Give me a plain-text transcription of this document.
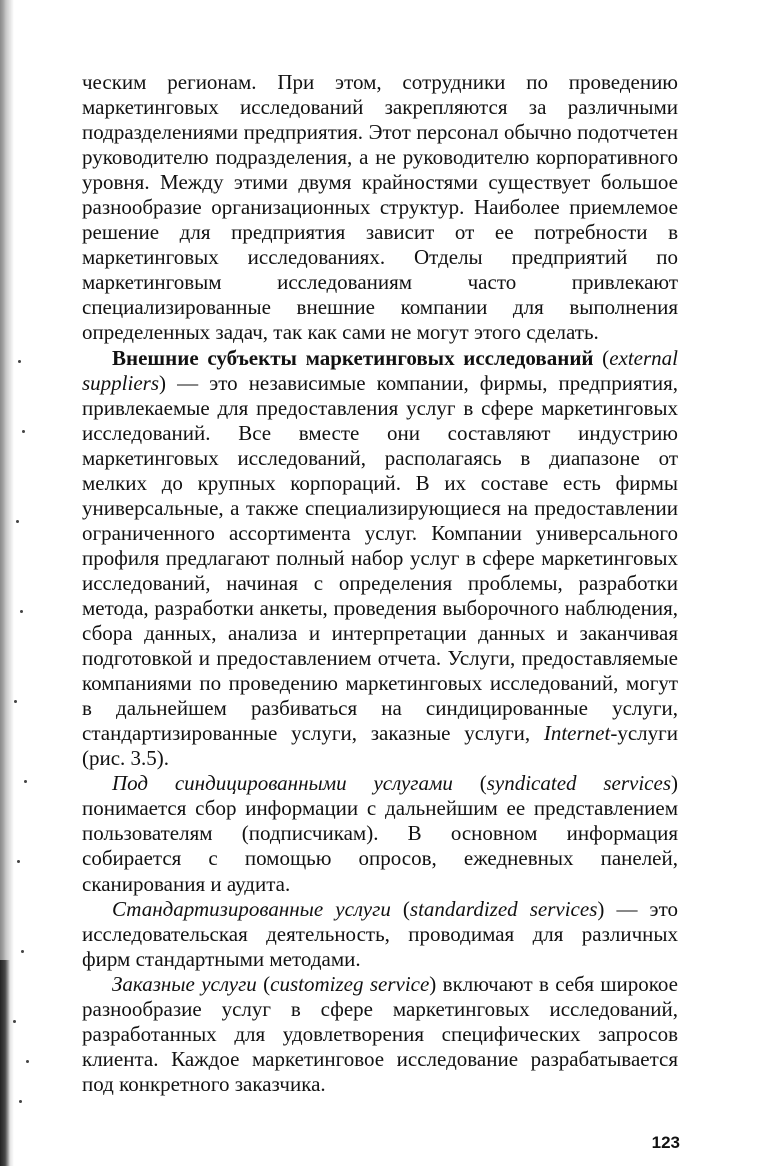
ческим регионам. При этом, сотрудники по проведению маркетинговых исследований закрепляются за различными подразделениями предприятия. Этот персонал обычно подотчетен руководителю подразделения, а не руководителю корпоративного уровня. Между этими двумя крайностями существует большое разнообразие организационных структур. Наиболее приемлемое решение для предприятия зависит от ее потребности в маркетинговых исследованиях. Отделы предприятий по маркетинговым исследованиям часто привлекают специализированные внешние компании для выполнения определенных задач, так как сами не могут этого сделать.

Внешние субъекты маркетинговых исследований (external suppliers) — это независимые компании, фирмы, предприятия, привлекаемые для предоставления услуг в сфере маркетинговых исследований. Все вместе они составляют индустрию маркетинговых исследований, располагаясь в диапазоне от мелких до крупных корпораций. В их составе есть фирмы универсальные, а также специализирующиеся на предоставлении ограниченного ассортимента услуг. Компании универсального профиля предлагают полный набор услуг в сфере маркетинговых исследований, начиная с определения проблемы, разработки метода, разработки анкеты, проведения выборочного наблюдения, сбора данных, анализа и интерпретации данных и заканчивая подготовкой и предоставлением отчета. Услуги, предоставляемые компаниями по проведению маркетинговых исследований, могут в дальнейшем разбиваться на синдицированные услуги, стандартизированные услуги, заказные услуги, Internet-услуги (рис. 3.5).

Под синдицированными услугами (syndicated services) понимается сбор информации с дальнейшим ее представлением пользователям (подписчикам). В основном информация собирается с помощью опросов, ежедневных панелей, сканирования и аудита.

Стандартизированные услуги (standardized services) — это исследовательская деятельность, проводимая для различных фирм стандартными методами.

Заказные услуги (customizeg service) включают в себя широкое разнообразие услуг в сфере маркетинговых исследований, разработанных для удовлетворения специфических запросов клиента. Каждое маркетинговое исследование разрабатывается под конкретного заказчика.

123
